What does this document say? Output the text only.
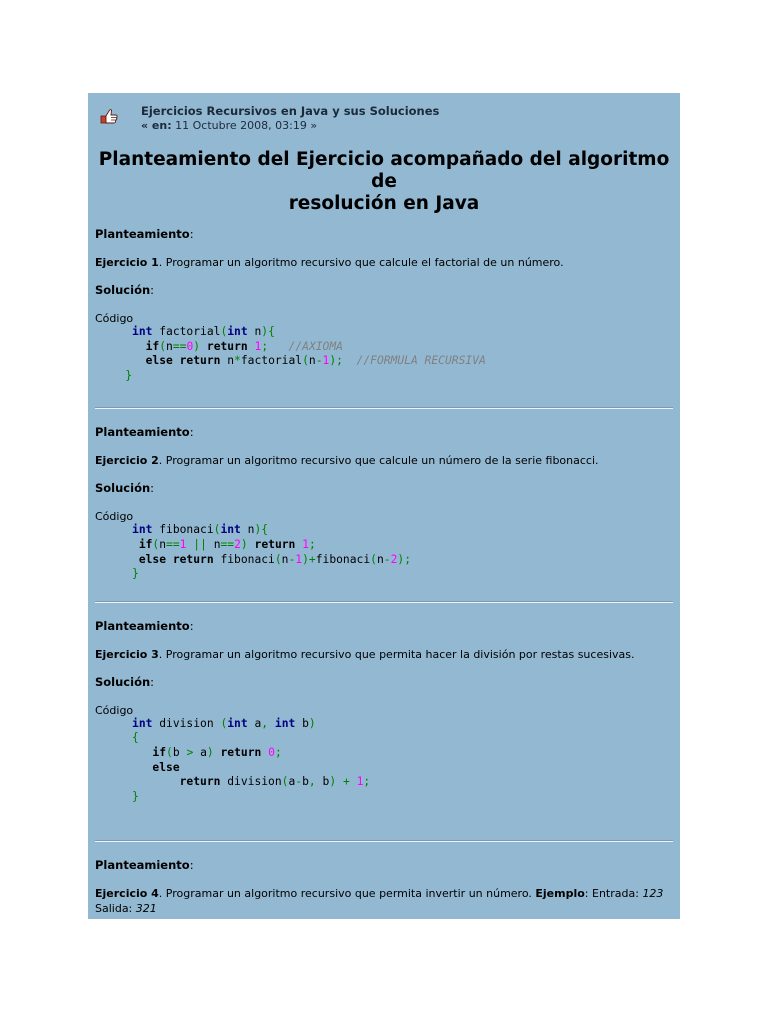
Ejercicios Recursivos en Java y sus Soluciones
« en: 11 Octubre 2008, 03:19 »
Planteamiento del Ejercicio acompañado del algoritmo de
resolución en Java

Planteamiento:

Ejercicio 1. Programar un algoritmo recursivo que calcule el factorial de un número.

Solución:

Código

int factorial(int n){
if(n==0) return 1; //AXIOMA
else return n*factorial(n-1); //FORMULA RECURSIVA
}

Planteamiento:

Ejercicio 2. Programar un algoritmo recursivo que calcule un número de la serie fibonacci.

Solución:

Código

int fibonaci(int n){
if(n==1 || n==2) return 1;
else return fibonaci(n-1)+fibonaci(n-2);
}

Planteamiento:

Ejercicio 3. Programar un algoritmo recursivo que permita hacer la división por restas sucesivas.

Solución:

Código

int division (int a, int b)
{
if(b > a) return 0;
else
return division(a-b, b) + 1;
}

Planteamiento:

Ejercicio 4. Programar un algoritmo recursivo que permita invertir un número. Ejemplo: Entrada: 123 Salida: 321
